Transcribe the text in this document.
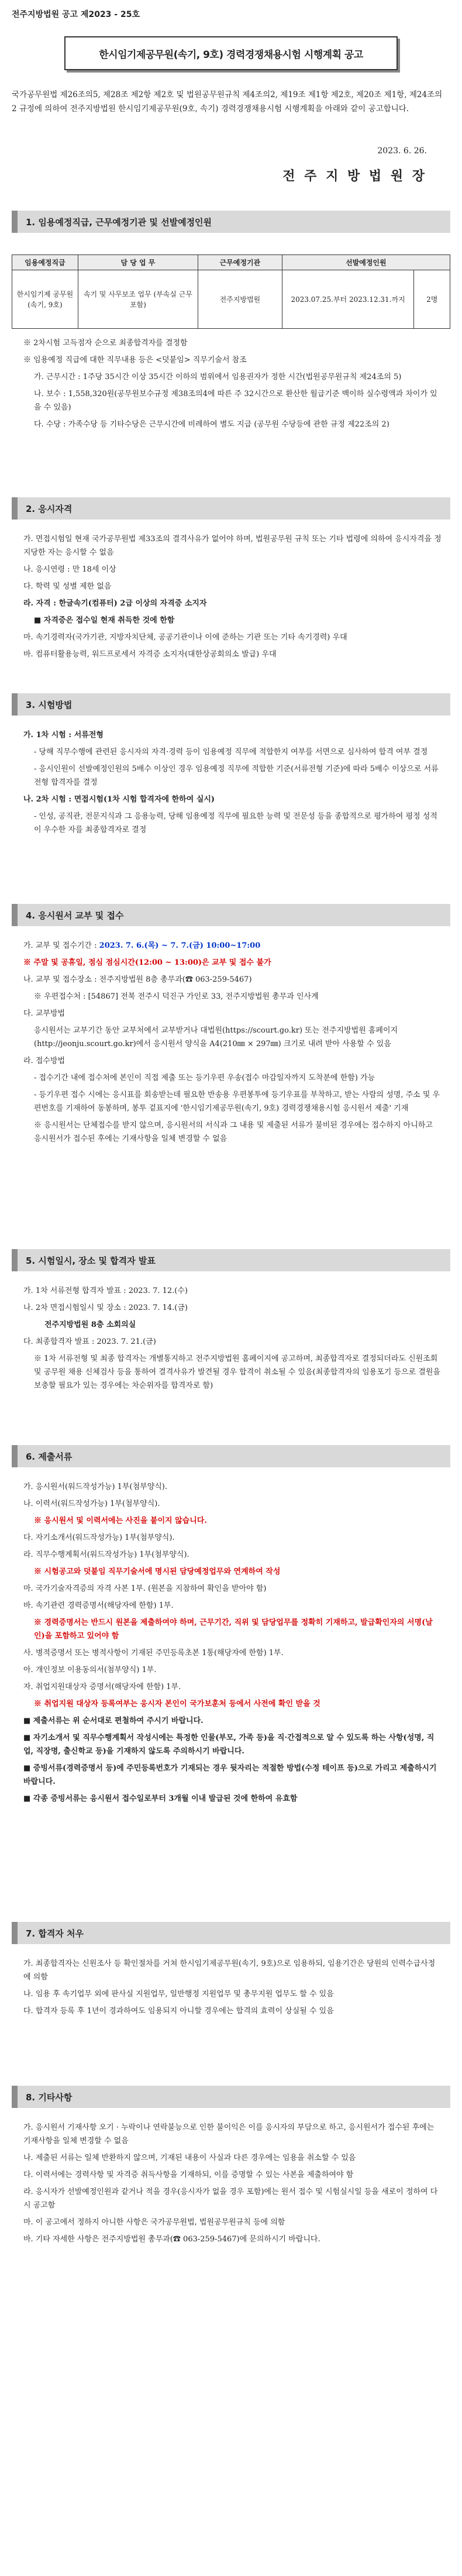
전주지방법원 공고 제2023 - 25호
한시임기제공무원(속기, 9호) 경력경쟁채용시험 시행계획 공고
국가공무원법 제26조의5, 제28조 제2항 제2호 및 법원공무원규칙 제4조의2, 제19조 제1항 제2호, 제20조 제1항, 제24조의2 규정에 의하여 전주지방법원 한시임기제공무원(9호, 속기) 경력경쟁채용시험 시행계획을 아래와 같이 공고합니다.
2023. 6. 26.
전 주 지 방 법 원 장
1. 임용예정직급, 근무예정기관 및 선발예정인원
임용예정직급	담 당 업 무	근무예정기관	선발예정인원	
한시임기제 공무원 (속기, 9호)	속기 및 사무보조 업무 (부속실 근무 포함)	전주지방법원	2023.07.25.부터 2023.12.31.까지	2명

※ 2차시험 고득점자 순으로 최종합격자를 결정함

※ 임용예정 직급에 대한 직무내용 등은 <덧붙임> 직무기술서 참조

가. 근무시간 : 1주당 35시간 이상 35시간 이하의 범위에서 임용권자가 정한 시간(법원공무원규칙 제24조의 5)

나. 보수 : 1,558,320원(공무원보수규정 제38조의4에 따른 주 32시간으로 환산한 월급기준 백이하 실수령액과 차이가 있을 수 있음)

다. 수당 : 가족수당 등 기타수당은 근무시간에 비례하여 별도 지급 (공무원 수당등에 관한 규정 제22조의 2)

2. 응시자격

가. 면접시험일 현재 국가공무원법 제33조의 결격사유가 없어야 하며, 법원공무원 규칙 또는 기타 법령에 의하여 응시자격을 정지당한 자는 응시할 수 없음

나. 응시연령 : 만 18세 이상

다. 학력 및 성별 제한 없음

라. 자격 : 한글속기(컴퓨터) 2급 이상의 자격증 소지자

■ 자격증은 접수일 현재 취득한 것에 한함

마. 속기경력자(국가기관, 지방자치단체, 공공기관이나 이에 준하는 기관 또는 기타 속기경력) 우대

바. 컴퓨터활용능력, 워드프로세서 자격증 소지자(대한상공회의소 발급) 우대

3. 시험방법

가. 1차 시험 : 서류전형

- 당해 직무수행에 관련된 응시자의 자격·경력 등이 임용예정 직무에 적합한지 여부를 서면으로 심사하여 합격 여부 결정

- 응시인원이 선발예정인원의 5배수 이상인 경우 임용예정 직무에 적합한 기준(서류전형 기준)에 따라 5배수 이상으로 서류전형 합격자를 결정

나. 2차 시험 : 면접시험(1차 시험 합격자에 한하여 실시)

- 인성, 공직관, 전문지식과 그 응용능력, 당해 임용예정 직무에 필요한 능력 및 전문성 등을 종합적으로 평가하여 평정 성적이 우수한 자를 최종합격자로 결정

4. 응시원서 교부 및 접수

가. 교부 및 접수기간 : 2023. 7. 6.(목) ~ 7. 7.(금) 10:00~17:00

※ 주말 및 공휴일, 점심 점심시간(12:00 ~ 13:00)은 교부 및 접수 불가

나. 교부 및 접수장소 : 전주지방법원 8층 총무과(☎ 063-259-5467)

※ 우편접수처 : [54867] 전북 전주시 덕진구 가인로 33, 전주지방법원 총무과 인사계

다. 교부방법

응시원서는 교부기간 동안 교부처에서 교부받거나 대법원(https://scourt.go.kr) 또는 전주지방법원 홈페이지(http://jeonju.scourt.go.kr)에서 응시원서 양식을 A4(210㎜ × 297㎜) 크기로 내려 받아 사용할 수 있음

라. 접수방법

- 접수기간 내에 접수처에 본인이 직접 제출 또는 등기우편 우송(접수 마감일자까지 도착분에 한함) 가능

- 등기우편 접수 시에는 응시표를 회송받는데 필요한 반송용 우편봉투에 등기우표를 부착하고, 받는 사람의 성명, 주소 및 우편번호를 기재하여 동봉하며, 봉투 겉표지에 '한시임기제공무원(속기, 9호) 경력경쟁채용시험 응시원서 제출' 기재

※ 응시원서는 단체접수를 받지 않으며, 응시원서의 서식과 그 내용 및 제출된 서류가 불비된 경우에는 접수하지 아니하고 응시원서가 접수된 후에는 기재사항을 일체 변경할 수 없음

5. 시험일시, 장소 및 합격자 발표

가. 1차 서류전형 합격자 발표 : 2023. 7. 12.(수)

나. 2차 면접시험일시 및 장소 : 2023. 7. 14.(금)

전주지방법원 8층 소회의실

다. 최종합격자 발표 : 2023. 7. 21.(금)

※ 1차 서류전형 및 최종 합격자는 개별통지하고 전주지방법원 홈페이지에 공고하며, 최종합격자로 결정되더라도 신원조회 및 공무원 채용 신체검사 등을 통하여 결격사유가 발견될 경우 합격이 취소될 수 있음(최종합격자의 임용포기 등으로 결원을 보충할 필요가 있는 경우에는 차순위자를 합격자로 함)

6. 제출서류

가. 응시원서(워드작성가능) 1부(첨부양식).

나. 이력서(워드작성가능) 1부(첨부양식).

※ 응시원서 및 이력서에는 사진을 붙이지 않습니다.

다. 자기소개서(워드작성가능) 1부(첨부양식).

라. 직무수행계획서(워드작성가능) 1부(첨부양식).

※ 시험공고와 덧붙임 직무기술서에 명시된 담당예정업무와 연계하여 작성

마. 국가기술자격증의 자격 사본 1부. (원본을 지참하여 확인을 받아야 함)

바. 속기관련 경력증명서(해당자에 한함) 1부.

※ 경력증명서는 반드시 원본을 제출하여야 하며, 근무기간, 직위 및 담당업무를 정확히 기재하고, 발급확인자의 서명(날인)을 포함하고 있어야 함

사. 병적증명서 또는 병적사항이 기재된 주민등록초본 1통(해당자에 한함) 1부.

아. 개인정보 이용동의서(첨부양식) 1부.

자. 취업지원대상자 증명서(해당자에 한함) 1부.

※ 취업지원 대상자 등록여부는 응시자 본인이 국가보훈처 등에서 사전에 확인 받을 것

■ 제출서류는 위 순서대로 편철하여 주시기 바랍니다.

■ 자기소개서 및 직무수행계획서 작성시에는 특정한 인물(부모, 가족 등)을 직·간접적으로 알 수 있도록 하는 사항(성명, 직업, 직장명, 출신학교 등)을 기재하지 않도록 주의하시기 바랍니다.

■ 증빙서류(경력증명서 등)에 주민등록번호가 기재되는 경우 뒷자리는 적절한 방법(수정 테이프 등)으로 가리고 제출하시기 바랍니다.

■ 각종 증빙서류는 응시원서 접수일로부터 3개월 이내 발급된 것에 한하여 유효함

7. 합격자 처우

가. 최종합격자는 신원조사 등 확인절차를 거쳐 한시임기제공무원(속기, 9호)으로 임용하되, 임용기간은 당원의 인력수급사정에 의함

나. 임용 후 속기업무 외에 판사실 지원업무, 일반행정 지원업무 및 총무지원 업무도 할 수 있음

다. 합격자 등록 후 1년이 경과하여도 임용되지 아니할 경우에는 합격의 효력이 상실될 수 있음

8. 기타사항

가. 응시원서 기재사항 오기 · 누락이나 연락불능으로 인한 불이익은 이를 응시자의 부담으로 하고, 응시원서가 접수된 후에는 기재사항을 일체 변경할 수 없음

나. 제출된 서류는 일체 반환하지 않으며, 기재된 내용이 사실과 다른 경우에는 임용을 취소할 수 있음

다. 이력서에는 경력사항 및 자격증 취득사항을 기재하되, 이를 증명할 수 있는 사본을 제출하여야 함

라. 응시자가 선발예정인원과 같거나 적을 경우(응시자가 없을 경우 포함)에는 원서 접수 및 시험실시일 등을 새로이 정하여 다시 공고함

마. 이 공고에서 정하지 아니한 사항은 국가공무원법, 법원공무원규칙 등에 의함

바. 기타 자세한 사항은 전주지방법원 총무과(☎ 063-259-5467)에 문의하시기 바랍니다.
